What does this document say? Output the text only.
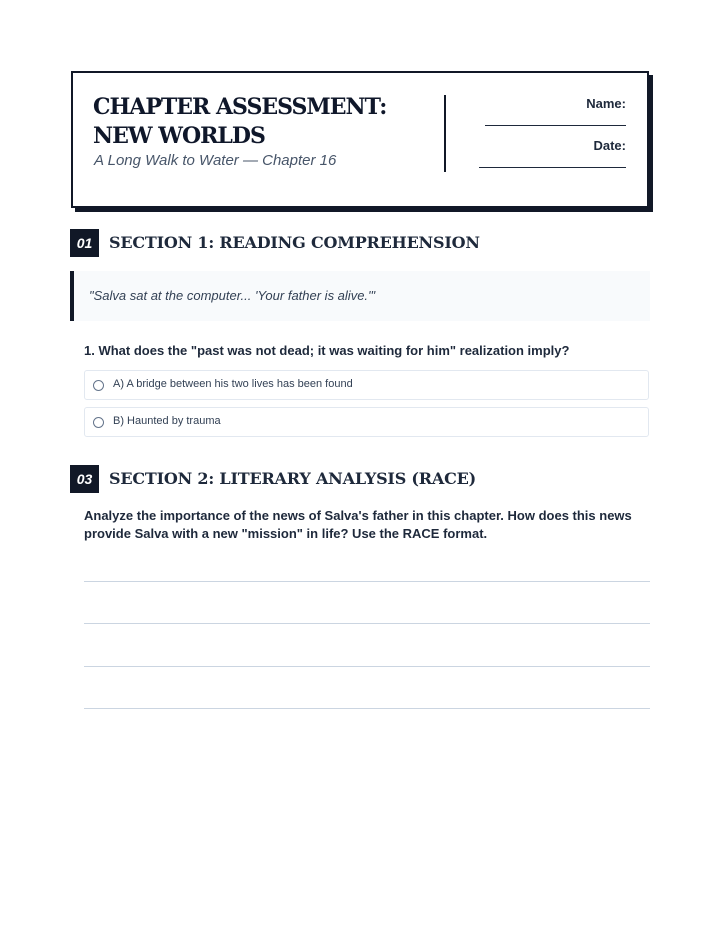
CHAPTER ASSESSMENT: NEW WORLDS
A Long Walk to Water — Chapter 16
Name:
Date:
01	SECTION 1: READING COMPREHENSION
"Salva sat at the computer... 'Your father is alive.'"
1. What does the "past was not dead; it was waiting for him" realization imply?
A) A bridge between his two lives has been found
B) Haunted by trauma
03	SECTION 2: LITERARY ANALYSIS (RACE)
Analyze the importance of the news of Salva's father in this chapter. How does this news provide Salva with a new "mission" in life? Use the RACE format.
